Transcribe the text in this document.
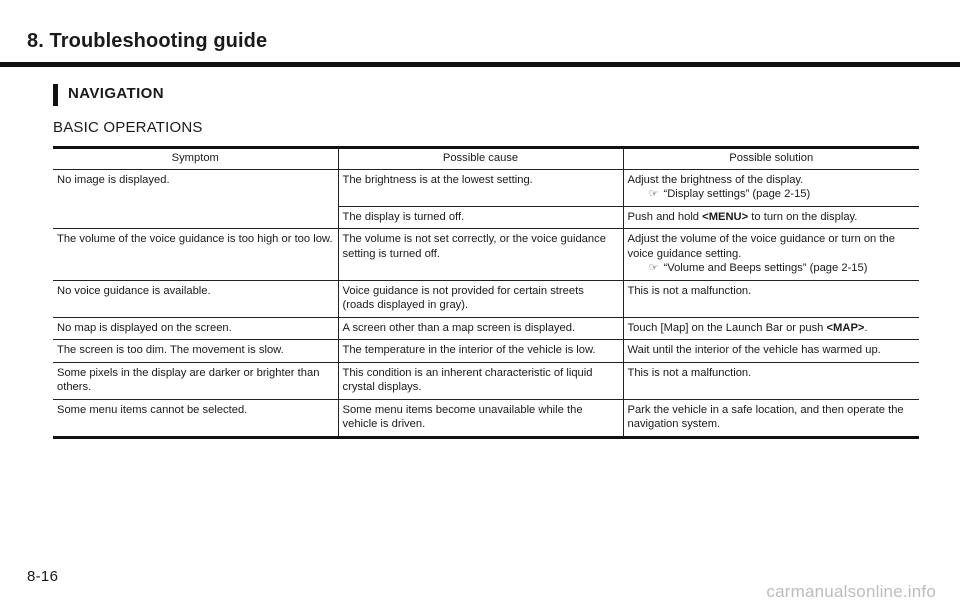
8. Troubleshooting guide
NAVIGATION
BASIC OPERATIONS
Symptom	Possible cause	Possible solution
No image is displayed.	The brightness is at the lowest setting.	Adjust the brightness of the display.
☞ “Display settings” (page 2-15)

	The display is turned off.	Push and hold <MENU> to turn on the display.
The volume of the voice guidance is too high or too low.	The volume is not set correctly, or the voice guidance setting is turned off.	Adjust the volume of the voice guidance or turn on the voice guidance setting.
☞ “Volume and Beeps settings” (page 2-15)

No voice guidance is available.	Voice guidance is not provided for certain streets (roads displayed in gray).	This is not a malfunction.
No map is displayed on the screen.	A screen other than a map screen is displayed.	Touch [Map] on the Launch Bar or push <MAP>.
The screen is too dim. The movement is slow.	The temperature in the interior of the vehicle is low.	Wait until the interior of the vehicle has warmed up.
Some pixels in the display are darker or brighter than others.	This condition is an inherent characteristic of liquid crystal displays.	This is not a malfunction.
Some menu items cannot be selected.	Some menu items become unavailable while the vehicle is driven.	Park the vehicle in a safe location, and then operate the navigation system.
8-16
carmanualsonline.info
